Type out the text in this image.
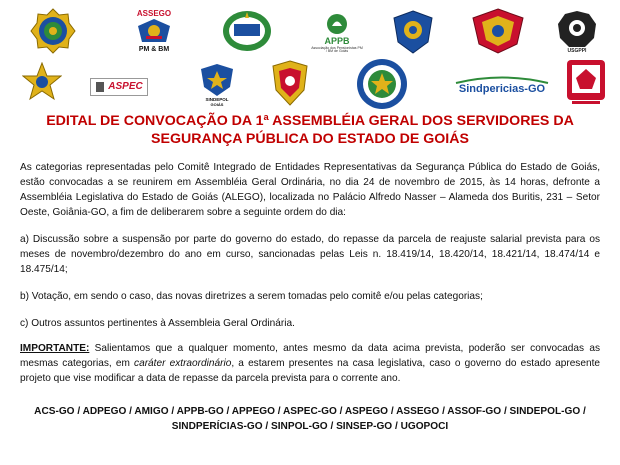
ASSEGO
PM & BM
APPB
Associação dos Pensionistas PM / BM de Goiás	USGPPI
ASPEC
SINDEPOL
GOIÁS
Sindpericias-GO
EDITAL DE CONVOCAÇÃO DA 1ª ASSEMBLÉIA GERAL DOS SERVIDORES DA
SEGURANÇA PÚBLICA DO ESTADO DE GOIÁS

As categorias representadas pelo Comitê Integrado de Entidades Representativas da Segurança Pública do Estado de Goiás, estão convocadas a se reunirem em Assembléia Geral Ordinária, no dia 24 de novembro de 2015, às 14 horas, defronte a Assembléia Legislativa do Estado de Goiás (ALEGO), localizada no Palácio Alfredo Nasser – Alameda dos Buritis, 231 – Setor Oeste, Goiânia-GO, a fim de deliberarem sobre a seguinte ordem do dia:

a) Discussão sobre a suspensão por parte do governo do estado, do repasse da parcela de reajuste salarial prevista para os meses de novembro/dezembro do ano em curso, sancionadas pelas Leis n. 18.419/14, 18.420/14, 18.421/14, 18.474/14 e 18.475/14;

b) Votação, em sendo o caso, das novas diretrizes a serem tomadas pelo comitê e/ou pelas categorias;

c) Outros assuntos pertinentes à Assembleia Geral Ordinária.

IMPORTANTE: Salientamos que a qualquer momento, antes mesmo da data acima prevista, poderão ser convocadas as mesmas categorias, em caráter extraordinário, a estarem presentes na casa legislativa, caso o governo do estado apresente projeto que vise modificar a data de repasse da parcela prevista para o corrente ano.

ACS-GO / ADPEGO / AMIGO / APPB-GO / APPEGO / ASPEC-GO / ASPEGO / ASSEGO / ASSOF-GO / SINDEPOL-GO /
SINDPERÍCIAS-GO / SINPOL-GO / SINSEP-GO / UGOPOCI
